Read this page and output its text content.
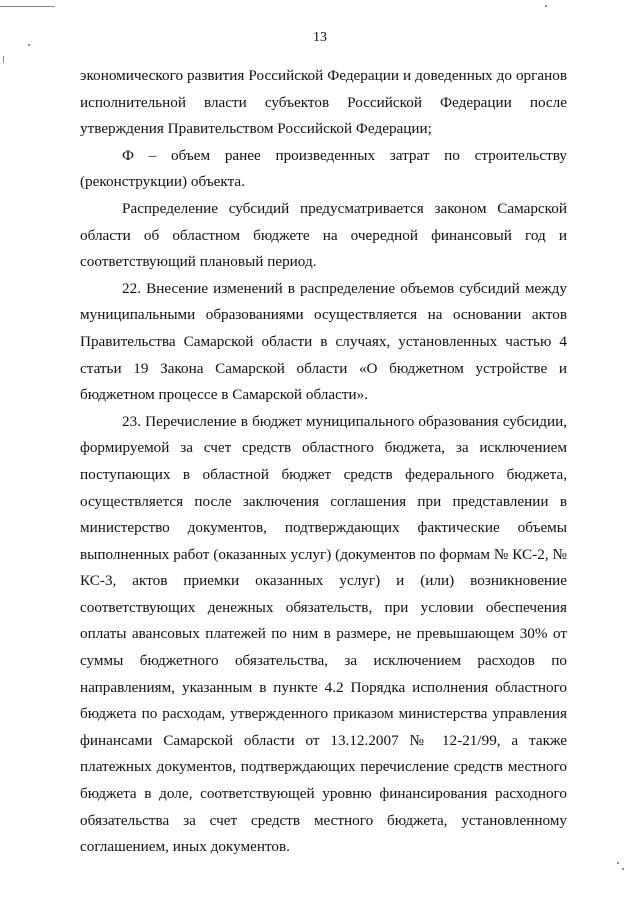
13

экономического развития Российской Федерации и доведенных до органов исполнительной власти субъектов Российской Федерации после утверждения Правительством Российской Федерации;

Ф – объем ранее произведенных затрат по строительству (реконструкции) объекта.

Распределение субсидий предусматривается законом Самарской области об областном бюджете на очередной финансовый год и соответствующий плановый период.

22. Внесение изменений в распределение объемов субсидий между муниципальными образованиями осуществляется на основании актов Правительства Самарской области в случаях, установленных частью 4 статьи 19 Закона Самарской области «О бюджетном устройстве и бюджетном процессе в Самарской области».

23. Перечисление в бюджет муниципального образования субсидии, формируемой за счет средств областного бюджета, за исключением поступающих в областной бюджет средств федерального бюджета, осуществляется после заключения соглашения при представлении в министерство документов, подтверждающих фактические объемы выполненных работ (оказанных услуг) (документов по формам № КС-2, № КС-3, актов приемки оказанных услуг) и (или) возникновение соответствующих денежных обязательств, при условии обеспечения оплаты авансовых платежей по ним в размере, не превышающем 30% от суммы бюджетного обязательства, за исключением расходов по направлениям, указанным в пункте 4.2 Порядка исполнения областного бюджета по расходам, утвержденного приказом министерства управления финансами Самарской области от 13.12.2007 № 12-21/99, а также платежных документов, подтверждающих перечисление средств местного бюджета в доле, соответствующей уровню финансирования расходного обязательства за счет средств местного бюджета, установленному соглашением, иных документов.
